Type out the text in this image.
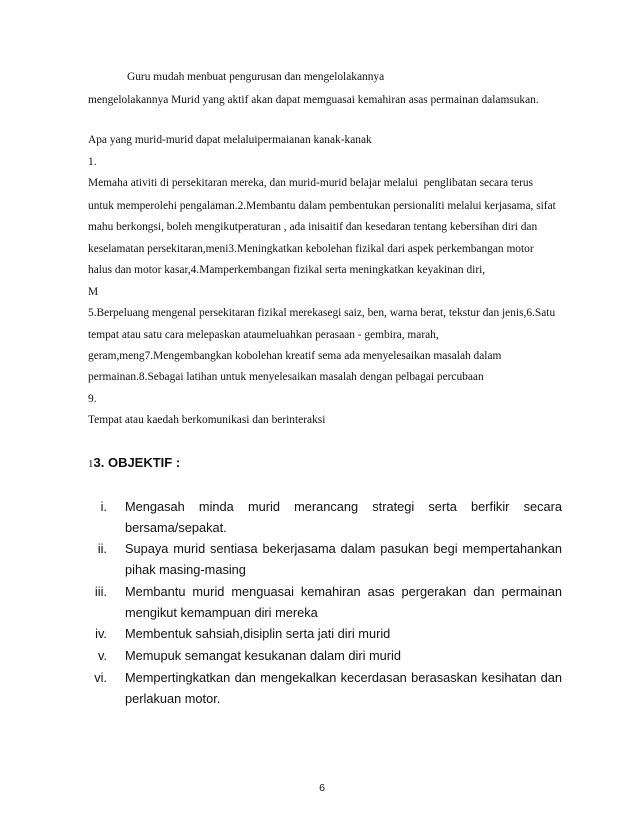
Guru mudah menbuat pengurusan dan mengelolakannya
mengelolakannya Murid yang aktif akan dapat memguasai kemahiran asas permainan dalamsukan.
Apa yang murid-murid dapat melaluipermaianan kanak-kanak
1.
Memaha ativiti di persekitaran mereka, dan murid-murid belajar melalui  penglibatan secara terus
untuk memperolehi pengalaman.2.Membantu dalam pembentukan persionaliti melalui kerjasama, sifat
mahu berkongsi, boleh mengikutperaturan , ada inisaitif dan kesedaran tentang kebersihan diri dan
keselamatan persekitaran,meni3.Meningkatkan kebolehan fizikal dari aspek perkembangan motor
halus dan motor kasar,4.Mamperkembangan fizikal serta meningkatkan keyakinan diri,
M
5.Berpeluang mengenal persekitaran fizikal merekasegi saiz, ben, warna berat, tekstur dan jenis,6.Satu
tempat atau satu cara melepaskan ataumeluahkan perasaan - gembira, marah,
geram,meng7.Mengembangkan kobolehan kreatif sema ada menyelesaikan masalah dalam
permainan.8.Sebagai latihan untuk menyelesaikan masalah dengan pelbagai percubaan
9.
Tempat atau kaedah berkomunikasi dan berinteraksi
13. OBJEKTIF :
i. Mengasah minda murid merancang strategi serta berfikir secara
bersama/sepakat.
ii. Supaya murid sentiasa bekerjasama dalam pasukan begi mempertahankan
pihak masing-masing
iii. Membantu murid menguasai kemahiran asas pergerakan dan permainan
mengikut kemampuan diri mereka
iv. Membentuk sahsiah,disiplin serta jati diri murid
v. Memupuk semangat kesukanan dalam diri murid
vi. Mempertingkatkan dan mengekalkan kecerdasan berasaskan kesihatan dan
perlakuan motor.
6
